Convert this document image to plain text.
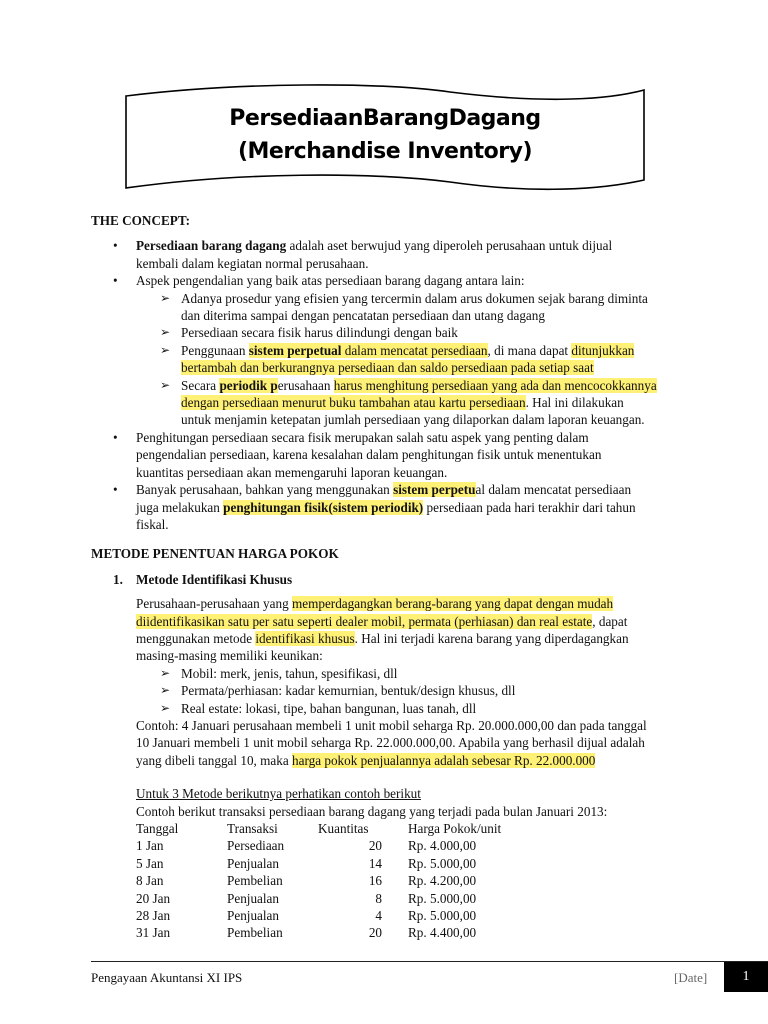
PersediaanBarangDagang
(Merchandise Inventory)

THE CONCEPT:

• Persediaan barang dagang adalah aset berwujud yang diperoleh perusahaan untuk dijual
kembali dalam kegiatan normal perusahaan.
• Aspek pengendalian yang baik atas persediaan barang dagang antara lain:
➢ Adanya prosedur yang efisien yang tercermin dalam arus dokumen sejak barang diminta
dan diterima sampai dengan pencatatan persediaan dan utang dagang
➢ Persediaan secara fisik harus dilindungi dengan baik
➢ Penggunaan sistem perpetual dalam mencatat persediaan, di mana dapat ditunjukkan
bertambah dan berkurangnya persediaan dan saldo persediaan pada setiap saat
➢ Secara periodik perusahaan harus menghitung persediaan yang ada dan mencocokkannya
dengan persediaan menurut buku tambahan atau kartu persediaan. Hal ini dilakukan
untuk menjamin ketepatan jumlah persediaan yang dilaporkan dalam laporan keuangan.
• Penghitungan persediaan secara fisik merupakan salah satu aspek yang penting dalam
pengendalian persediaan, karena kesalahan dalam penghitungan fisik untuk menentukan
kuantitas persediaan akan memengaruhi laporan keuangan.
• Banyak perusahaan, bahkan yang menggunakan sistem perpetual dalam mencatat persediaan
juga melakukan penghitungan fisik(sistem periodik) persediaan pada hari terakhir dari tahun
fiskal.

METODE PENENTUAN HARGA POKOK

1. Metode Identifikasi Khusus
Perusahaan-perusahaan yang memperdagangkan berang-barang yang dapat dengan mudah
diidentifikasikan satu per satu seperti dealer mobil, permata (perhiasan) dan real estate, dapat
menggunakan metode identifikasi khusus. Hal ini terjadi karena barang yang diperdagangkan
masing-masing memiliki keunikan:
➢ Mobil: merk, jenis, tahun, spesifikasi, dll
➢ Permata/perhiasan: kadar kemurnian, bentuk/design khusus, dll
➢ Real estate: lokasi, tipe, bahan bangunan, luas tanah, dll
Contoh: 4 Januari perusahaan membeli 1 unit mobil seharga Rp. 20.000.000,00 dan pada tanggal
10 Januari membeli 1 unit mobil seharga Rp. 22.000.000,00. Apabila yang berhasil dijual adalah
yang dibeli tanggal 10, maka harga pokok penjualannya adalah sebesar Rp. 22.000.000
Untuk 3 Metode berikutnya perhatikan contoh berikut
Contoh berikut transaksi persediaan barang dagang yang terjadi pada bulan Januari 2013:
Tanggal	Transaksi	Kuantitas	Harga Pokok/unit
1 Jan	Persediaan	20	Rp. 4.000,00
5 Jan	Penjualan	14	Rp. 5.000,00
8 Jan	Pembelian	16	Rp. 4.200,00
20 Jan	Penjualan	8	Rp. 5.000,00
28 Jan	Penjualan	4	Rp. 5.000,00
31 Jan	Pembelian	20	Rp. 4.400,00
Pengayaan Akuntansi XI IPS	[Date]	1
